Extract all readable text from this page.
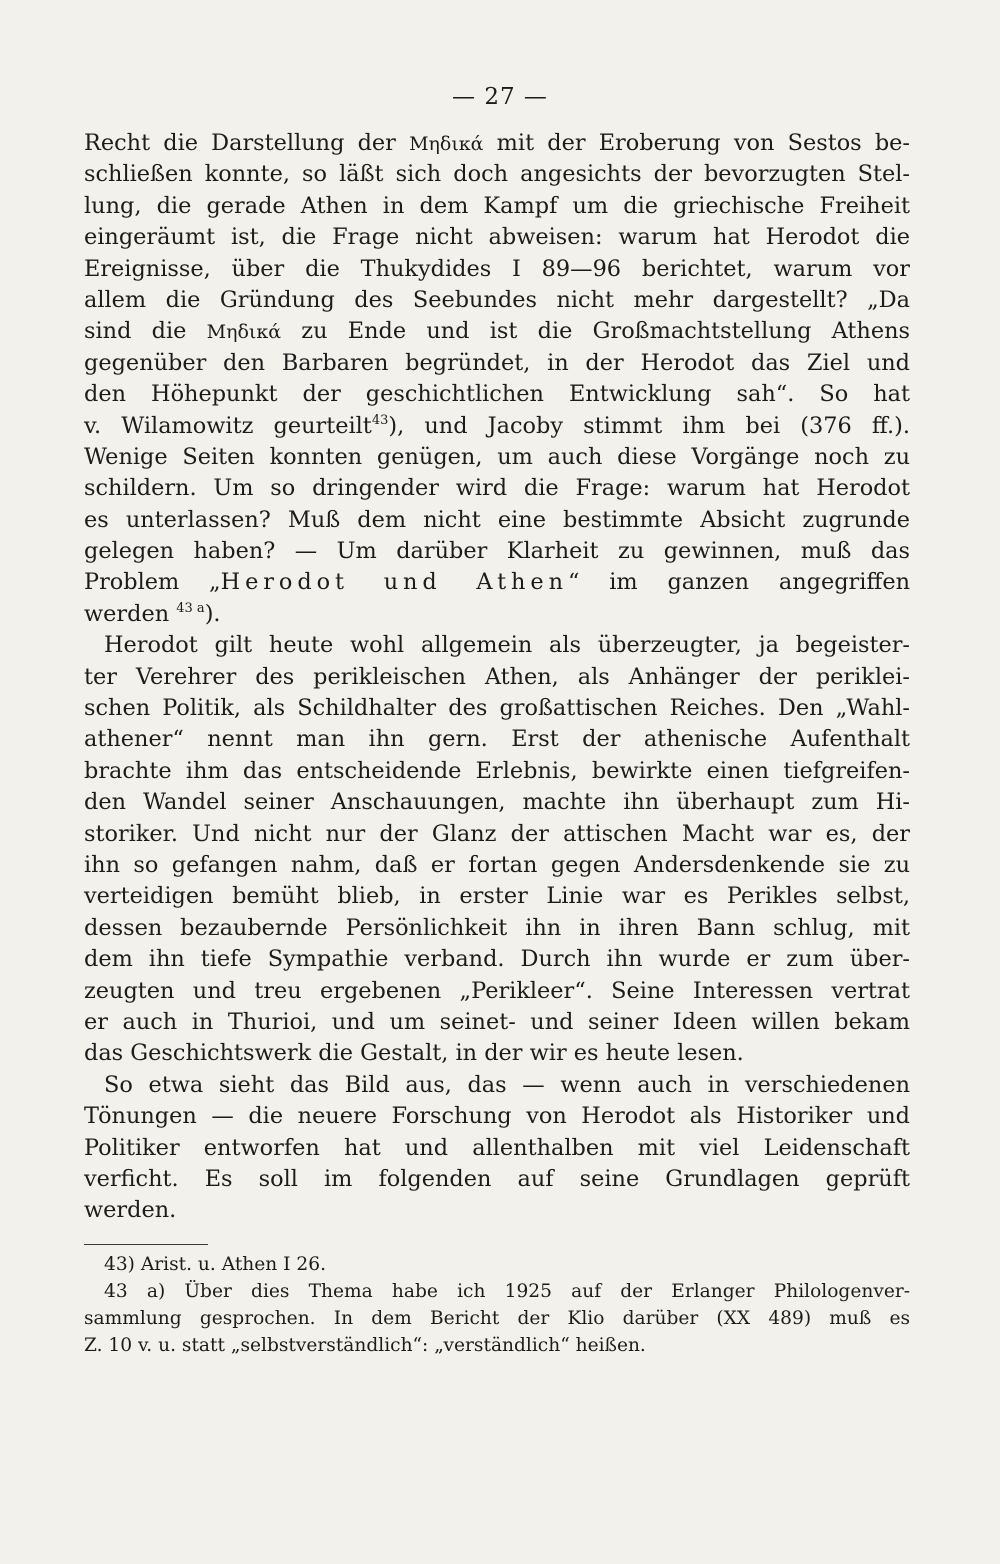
— 27 —
Recht die Darstellung der Μηδικά mit der Eroberung von Sestos be-
schließen konnte, so läßt sich doch angesichts der bevorzugten Stel-
lung, die gerade Athen in dem Kampf um die griechische Freiheit
eingeräumt ist, die Frage nicht abweisen: warum hat Herodot die
Ereignisse, über die Thukydides I 89—96 berichtet, warum vor
allem die Gründung des Seebundes nicht mehr dargestellt? „Da
sind die Μηδικά zu Ende und ist die Großmachtstellung Athens
gegenüber den Barbaren begründet, in der Herodot das Ziel und
den Höhepunkt der geschichtlichen Entwicklung sah“. So hat
v. Wilamowitz geurteilt$^{43}$), und Jacoby stimmt ihm bei (376 ff.).
Wenige Seiten konnten genügen, um auch diese Vorgänge noch zu
schildern. Um so dringender wird die Frage: warum hat Herodot
es unterlassen? Muß dem nicht eine bestimmte Absicht zugrunde
gelegen haben? — Um darüber Klarheit zu gewinnen, muß das
Problem „Herodot und Athen“ im ganzen angegriffen
werden $^{43 a}$).
Herodot gilt heute wohl allgemein als überzeugter, ja begeister-
ter Verehrer des perikleischen Athen, als Anhänger der periklei-
schen Politik, als Schildhalter des großattischen Reiches. Den „Wahl-
athener“ nennt man ihn gern. Erst der athenische Aufenthalt
brachte ihm das entscheidende Erlebnis, bewirkte einen tiefgreifen-
den Wandel seiner Anschauungen, machte ihn überhaupt zum Hi-
storiker. Und nicht nur der Glanz der attischen Macht war es, der
ihn so gefangen nahm, daß er fortan gegen Andersdenkende sie zu
verteidigen bemüht blieb, in erster Linie war es Perikles selbst,
dessen bezaubernde Persönlichkeit ihn in ihren Bann schlug, mit
dem ihn tiefe Sympathie verband. Durch ihn wurde er zum über-
zeugten und treu ergebenen „Perikleer“. Seine Interessen vertrat
er auch in Thurioi, und um seinet- und seiner Ideen willen bekam
das Geschichtswerk die Gestalt, in der wir es heute lesen.
So etwa sieht das Bild aus, das — wenn auch in verschiedenen
Tönungen — die neuere Forschung von Herodot als Historiker und
Politiker entworfen hat und allenthalben mit viel Leidenschaft
verficht. Es soll im folgenden auf seine Grundlagen geprüft
werden.
43) Arist. u. Athen I 26.
43 a) Über dies Thema habe ich 1925 auf der Erlanger Philologenver-
sammlung gesprochen. In dem Bericht der Klio darüber (XX 489) muß es
Z. 10 v. u. statt „selbstverständlich“: „verständlich“ heißen.
